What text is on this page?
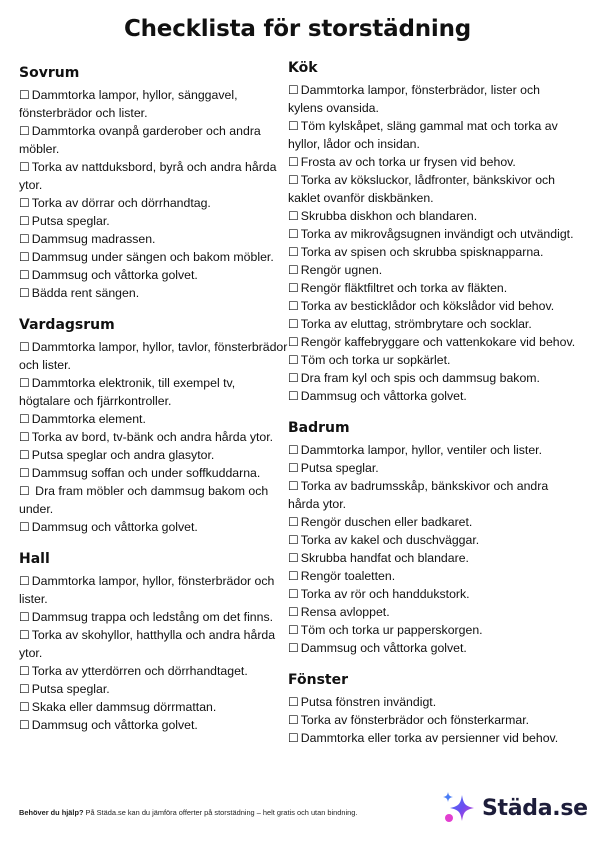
Checklista för storstädning
Sovrum
☐ Dammtorka lampor, hyllor, sänggavel, fönsterbrädor och lister.
☐ Dammtorka ovanpå garderober och andra möbler.
☐ Torka av nattduksbord, byrå och andra hårda ytor.
☐ Torka av dörrar och dörrhandtag.
☐ Putsa speglar.
☐ Dammsug madrassen.
☐ Dammsug under sängen och bakom möbler.
☐ Dammsug och våttorka golvet.
☐ Bädda rent sängen.
Vardagsrum
☐ Dammtorka lampor, hyllor, tavlor, fönsterbrädor och lister.
☐ Dammtorka elektronik, till exempel tv, högtalare och fjärrkontroller.
☐ Dammtorka element.
☐ Torka av bord, tv-bänk och andra hårda ytor.
☐ Putsa speglar och andra glasytor.
☐ Dammsug soffan och under soffkuddarna.
☐ Dra fram möbler och dammsug bakom och under.
☐ Dammsug och våttorka golvet.
Hall
☐ Dammtorka lampor, hyllor, fönsterbrädor och lister.
☐ Dammsug trappa och ledstång om det finns.
☐ Torka av skohyllor, hatthylla och andra hårda ytor.
☐ Torka av ytterdörren och dörrhandtaget.
☐ Putsa speglar.
☐ Skaka eller dammsug dörrmattan.
☐ Dammsug och våttorka golvet.
Kök
☐ Dammtorka lampor, fönsterbrädor, lister och kylens ovansida.
☐ Töm kylskåpet, släng gammal mat och torka av hyllor, lådor och insidan.
☐ Frosta av och torka ur frysen vid behov.
☐ Torka av köksluckor, lådfronter, bänkskivor och kaklet ovanför diskbänken.
☐ Skrubba diskhon och blandaren.
☐ Torka av mikrovågsugnen invändigt och utvändigt.
☐ Torka av spisen och skrubba spisknapparna.
☐ Rengör ugnen.
☐ Rengör fläktfiltret och torka av fläkten.
☐ Torka av besticklådor och kökslådor vid behov.
☐ Torka av eluttag, strömbrytare och socklar.
☐ Rengör kaffebryggare och vattenkokare vid behov.
☐ Töm och torka ur sopkärlet.
☐ Dra fram kyl och spis och dammsug bakom.
☐ Dammsug och våttorka golvet.
Badrum
☐ Dammtorka lampor, hyllor, ventiler och lister.
☐ Putsa speglar.
☐ Torka av badrumsskåp, bänkskivor och andra hårda ytor.
☐ Rengör duschen eller badkaret.
☐ Torka av kakel och duschväggar.
☐ Skrubba handfat och blandare.
☐ Rengör toaletten.
☐ Torka av rör och handdukstork.
☐ Rensa avloppet.
☐ Töm och torka ur papperskorgen.
☐ Dammsug och våttorka golvet.
Fönster
☐ Putsa fönstren invändigt.
☐ Torka av fönsterbrädor och fönsterkarmar.
☐ Dammtorka eller torka av persienner vid behov.
Behöver du hjälp? På Städa.se kan du jämföra offerter på storstädning – helt gratis och utan bindning.	Städa.se
